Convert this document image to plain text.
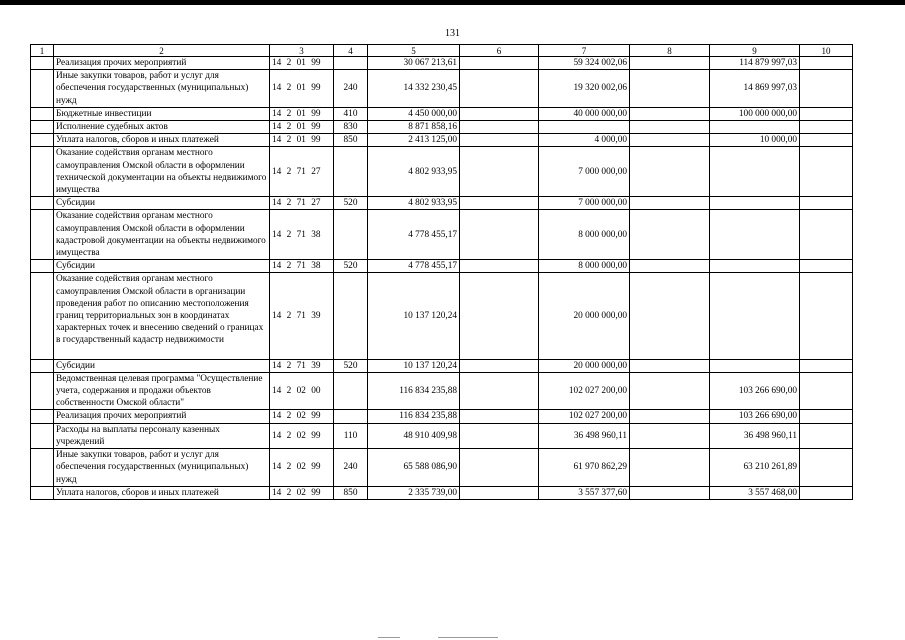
131
1	2	3	4	5	6	7	8	9	10
	Реализация прочих мероприятий	14 2 01 99		30 067 213,61		59 324 002,06		114 879 997,03	
	Иные закупки товаров, работ и услуг для обеспечения государственных (муниципальных) нужд	14 2 01 99	240	14 332 230,45		19 320 002,06		14 869 997,03	
	Бюджетные инвестиции	14 2 01 99	410	4 450 000,00		40 000 000,00		100 000 000,00	
	Исполнение судебных актов	14 2 01 99	830	8 871 858,16					
	Уплата налогов, сборов и иных платежей	14 2 01 99	850	2 413 125,00		4 000,00		10 000,00	
	Оказание содействия органам местного самоуправления Омской области в оформлении технической документации на объекты недвижимого имущества	14 2 71 27		4 802 933,95		7 000 000,00			
	Субсидии	14 2 71 27	520	4 802 933,95		7 000 000,00			
	Оказание содействия органам местного самоуправления Омской области в оформлении кадастровой документации на объекты недвижимого имущества	14 2 71 38		4 778 455,17		8 000 000,00			
	Субсидии	14 2 71 38	520	4 778 455,17		8 000 000,00			
	Оказание содействия органам местного самоуправления Омской области в организации проведения работ по описанию местоположения границ территориальных зон в координатах характерных точек и внесению сведений о границах в государственный кадастр недвижимости	14 2 71 39		10 137 120,24		20 000 000,00			
	Субсидии	14 2 71 39	520	10 137 120,24		20 000 000,00			
	Ведомственная целевая программа "Осуществление учета, содержания и продажи объектов собственности Омской области"	14 2 02 00		116 834 235,88		102 027 200,00		103 266 690,00	
	Реализация прочих мероприятий	14 2 02 99		116 834 235,88		102 027 200,00		103 266 690,00	
	Расходы на выплаты персоналу казенных учреждений	14 2 02 99	110	48 910 409,98		36 498 960,11		36 498 960,11	
	Иные закупки товаров, работ и услуг для обеспечения государственных (муниципальных) нужд	14 2 02 99	240	65 588 086,90		61 970 862,29		63 210 261,89	
	Уплата налогов, сборов и иных платежей	14 2 02 99	850	2 335 739,00		3 557 377,60		3 557 468,00	
